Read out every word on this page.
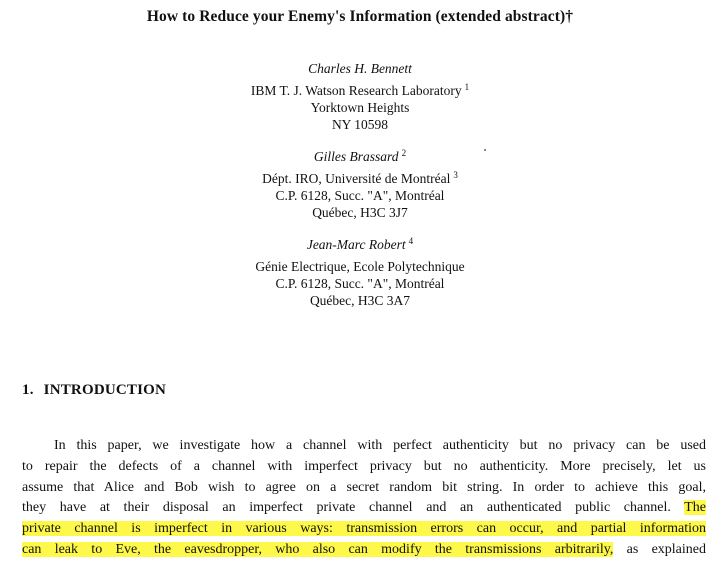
How to Reduce your Enemy's Information (extended abstract)†
Charles H. Bennett
IBM T. J. Watson Research Laboratory $^1$
Yorktown Heights
NY 10598
Gilles Brassard $^2$
Dépt. IRO, Université de Montréal $^3$
C.P. 6128, Succ. "A", Montréal
Québec, H3C 3J7
Jean-Marc Robert $^4$
Génie Electrique, Ecole Polytechnique
C.P. 6128, Succ. "A", Montréal
Québec, H3C 3A7
1. INTRODUCTION
In this paper, we investigate how a channel with perfect authenticity but no privacy can be used
to repair the defects of a channel with imperfect privacy but no authenticity. More precisely, let us
assume that Alice and Bob wish to agree on a secret random bit string. In order to achieve this goal,
they have at their disposal an imperfect private channel and an authenticated public channel. The
private channel is imperfect in various ways: transmission errors can occur, and partial information
can leak to Eve, the eavesdropper, who also can modify the transmissions arbitrarily, as explained
